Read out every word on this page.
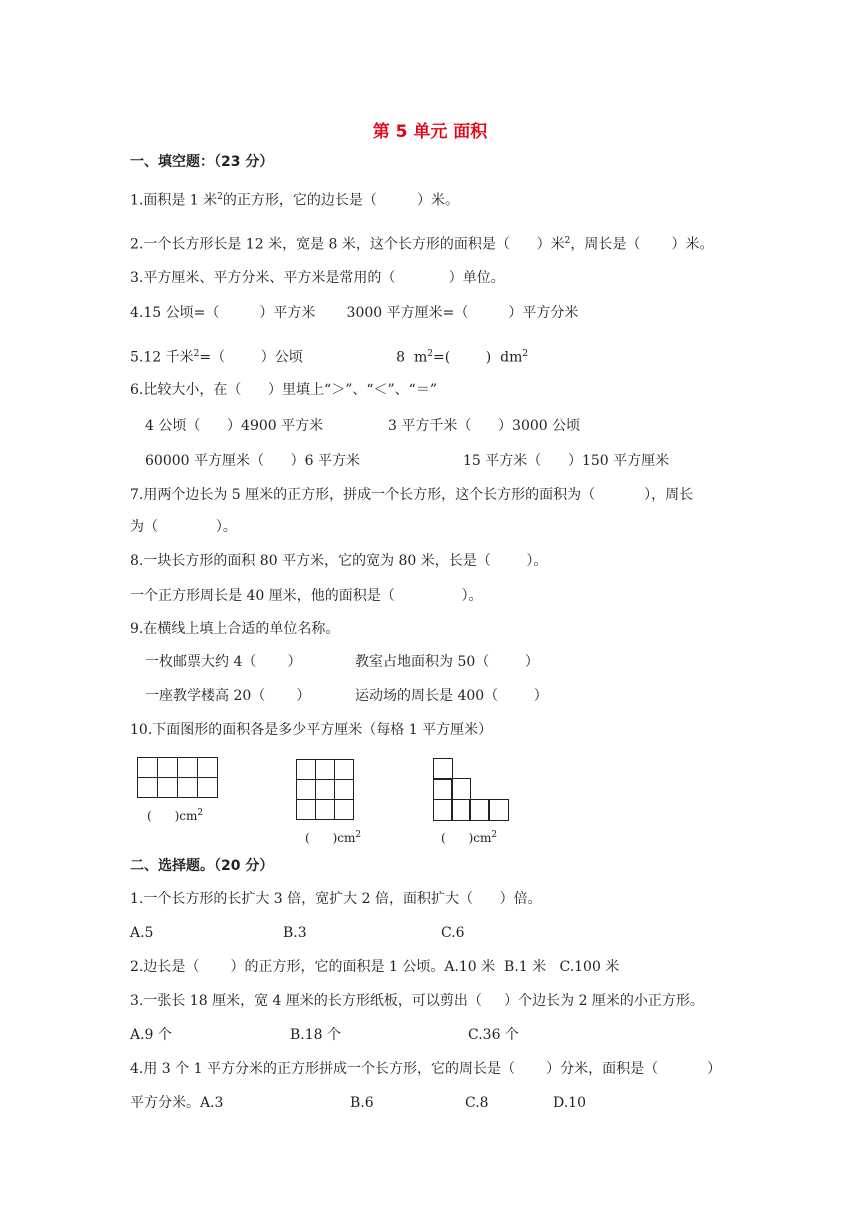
第 5 单元 面积
一、填空题：（23 分）
1.面积是 1 米$^2$的正方形，它的边长是（         ）米。
2.一个长方形长是 12 米，宽是 8 米，这个长方形的面积是（      ）米$^2$，周长是（       ）米。
3.平方厘米、平方分米、平方米是常用的（            ）单位。
4.15 公顷=（         ）平方米       3000 平方厘米=（         ）平方分米
5.12 千米$^2$=（        ）公顷	8  $m^2=$(        )  $dm^2$
6.比较大小，在（      ）里填上“＞”、“＜”、“＝”
4 公顷（      ）4900 平方米	3 平方千米（      ）3000 公顷
60000 平方厘米（      ）6 平方米	15 平方米（      ）150 平方厘米
7.用两个边长为 5 厘米的正方形，拼成一个长方形，这个长方形的面积为（           ），周长
为（             ）。
8.一块长方形的面积 80 平方米，它的宽为 80 米，长是（        ）。
一个正方形周长是 40 厘米，他的面积是（               ）。
9.在横线上填上合适的单位名称。
一枚邮票大约 4（       ）	教室占地面积为 50（        ）
一座教学楼高 20（       ）	运动场的周长是 400（        ）
10.下面图形的面积各是多少平方厘米（每格 1 平方厘米）
(      )$cm^2$
(      )$cm^2$	(      )$cm^2$
二、选择题。（20 分）
1.一个长方形的长扩大 3 倍，宽扩大 2 倍，面积扩大（      ）倍。
A.5	B.3	C.6
2.边长是（       ）的正方形，它的面积是 1 公顷。A.10 米  B.1 米   C.100 米
3.一张长 18 厘米，宽 4 厘米的长方形纸板，可以剪出（     ）个边长为 2 厘米的小正方形。
A.9 个	B.18 个	C.36 个
4.用 3 个 1 平方分米的正方形拼成一个长方形，它的周长是（       ）分米，面积是（           ）
平方分米。A.3	B.6	C.8	D.10
